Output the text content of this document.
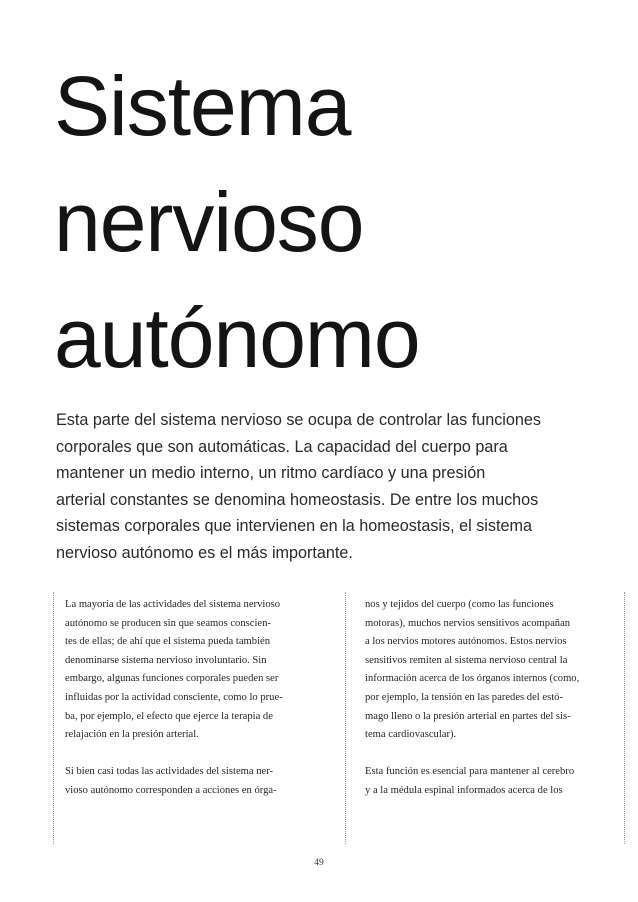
Sistema
nervioso
autónomo

Esta parte del sistema nervioso se ocupa de controlar las funciones
corporales que son automáticas. La capacidad del cuerpo para
mantener un medio interno, un ritmo cardíaco y una presión
arterial constantes se denomina homeostasis. De entre los muchos
sistemas corporales que intervienen en la homeostasis, el sistema
nervioso autónomo es el más importante.

La mayoría de las actividades del sistema nervioso
autónomo se producen sin que seamos conscien-
tes de ellas; de ahí que el sistema pueda también
denominarse sistema nervioso involuntario. Sin
embargo, algunas funciones corporales pueden ser
influidas por la actividad consciente, como lo prue-
ba, por ejemplo, el efecto que ejerce la terapia de
relajación en la presión arterial.

Si bien casi todas las actividades del sistema ner-
vioso autónomo corresponden a acciones en órga-

nos y tejidos del cuerpo (como las funciones
motoras), muchos nervios sensitivos acompañan
a los nervios motores autónomos. Estos nervios
sensitivos remiten al sistema nervioso central la
información acerca de los órganos internos (como,
por ejemplo, la tensión en las paredes del estó-
mago lleno o la presión arterial en partes del sis-
tema cardiovascular).

Esta función es esencial para mantener al cerebro
y a la médula espinal informados acerca de los

49
